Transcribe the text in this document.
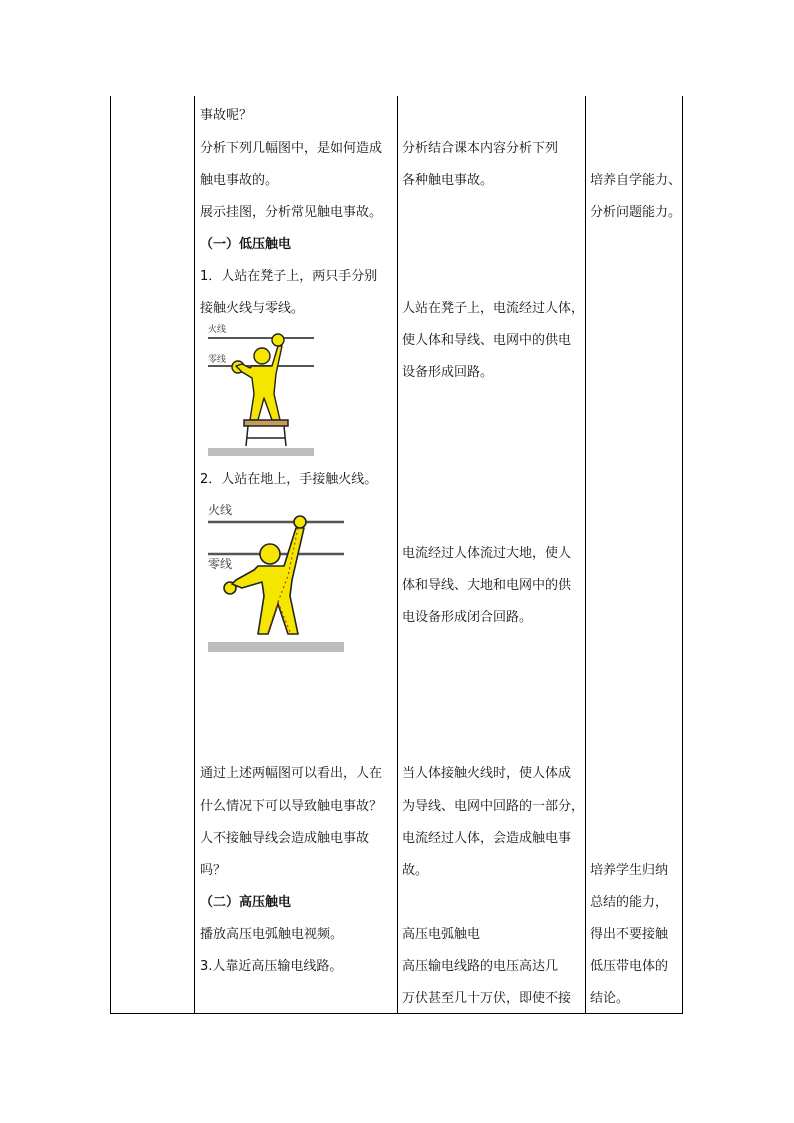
事故呢？
分析下列几幅图中，是如何造成
触电事故的。
展示挂图，分析常见触电事故。
（一）低压触电
1．人站在凳子上，两只手分别
接触火线与零线。
火线
零线
2．人站在地上，手接触火线。
火线
零线
通过上述两幅图可以看出，人在
什么情况下可以导致触电事故？
人不接触导线会造成触电事故
吗？
（二）高压触电
播放高压电弧触电视频。
3.人靠近高压输电线路。
分析结合课本内容分析下列
各种触电事故。
人站在凳子上，电流经过人体，
使人体和导线、电网中的供电
设备形成回路。
电流经过人体流过大地，使人
体和导线、大地和电网中的供
电设备形成闭合回路。
当人体接触火线时，使人体成
为导线、电网中回路的一部分，
电流经过人体，会造成触电事
故。
高压电弧触电
高压输电线路的电压高达几
万伏甚至几十万伏，即使不接
培养自学能力、
分析问题能力。
培养学生归纳
总结的能力，
得出不要接触
低压带电体的
结论。
